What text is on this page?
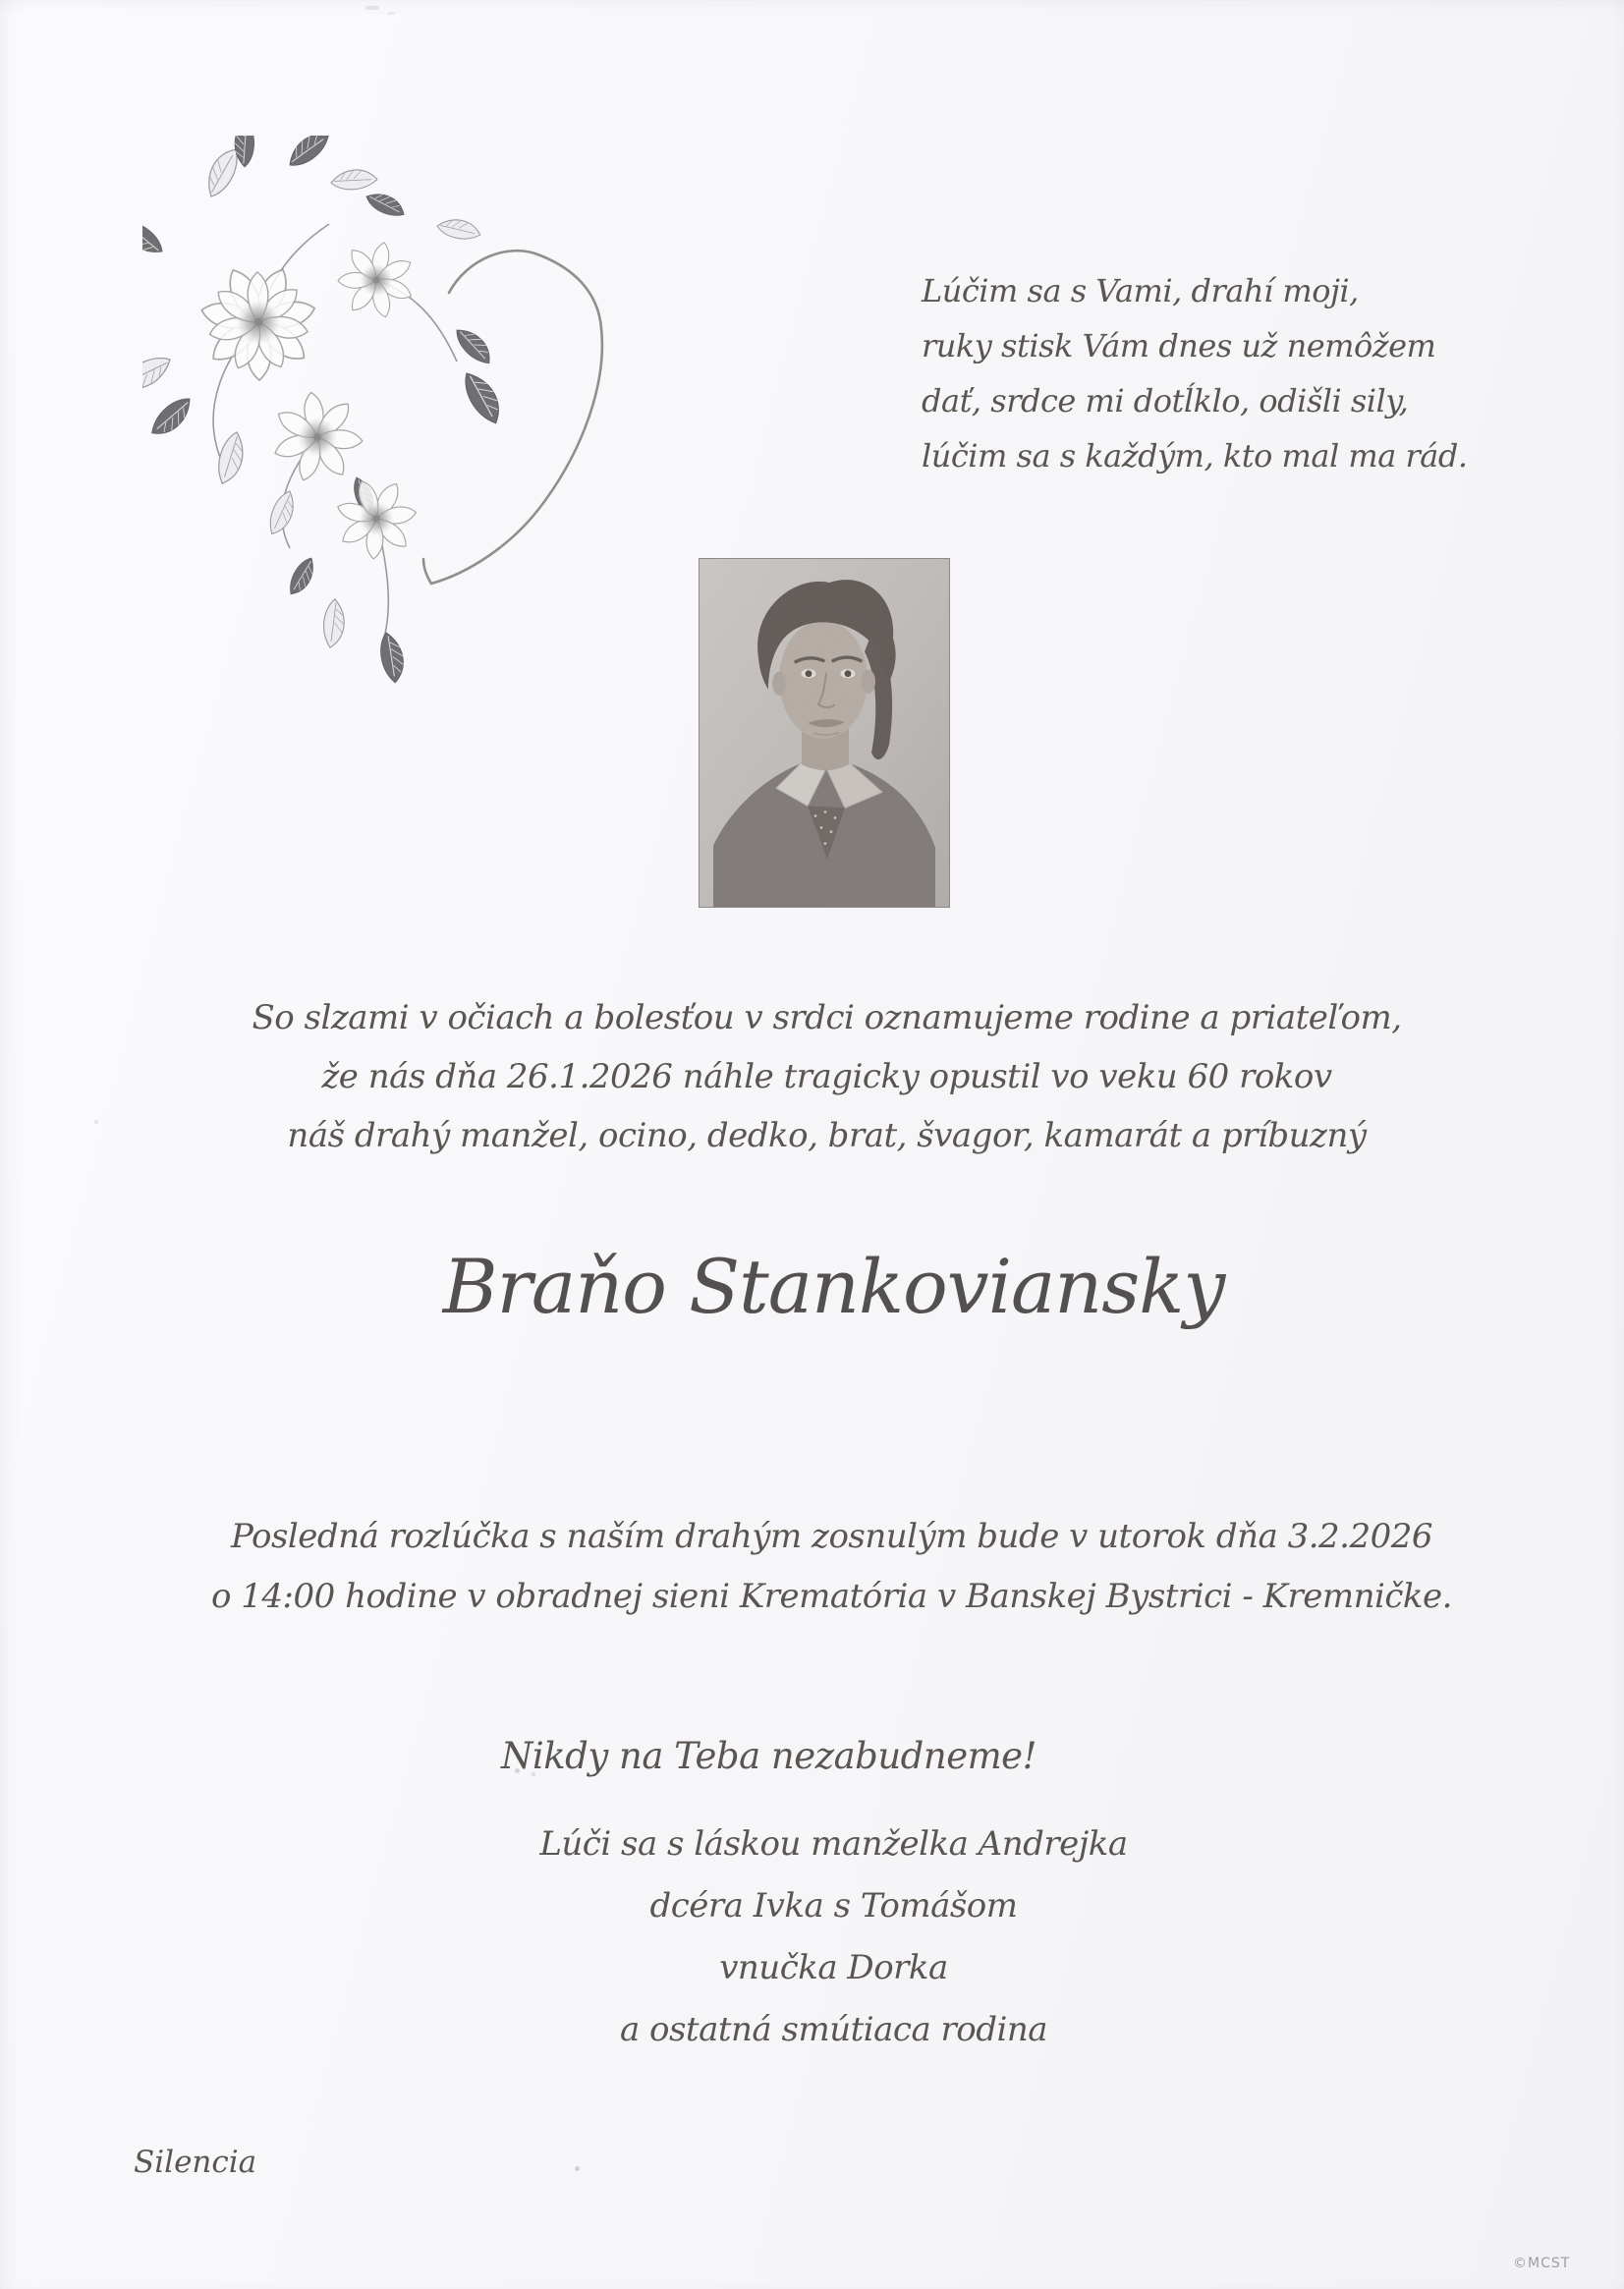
Lúčim sa s Vami, drahí moji,
ruky stisk Vám dnes už nemôžem
dať, srdce mi dotĺklo, odišli sily,
lúčim sa s každým, kto mal ma rád.
So slzami v očiach a bolesťou v srdci oznamujeme rodine a priateľom,
že nás dňa 26.1.2026 náhle tragicky opustil vo veku 60 rokov
náš drahý manžel, ocino, dedko, brat, švagor, kamarát a príbuzný
Braňo Stankoviansky
Posledná rozlúčka s naším drahým zosnulým bude v utorok dňa 3.2.2026
o 14:00 hodine v obradnej sieni Krematória v Banskej Bystrici - Kremničke.
Nikdy na Teba nezabudneme!
Lúči sa s láskou manželka Andrejka
dcéra Ivka s Tomášom
vnučka Dorka
a ostatná smútiaca rodina
Silencia
©MCST
